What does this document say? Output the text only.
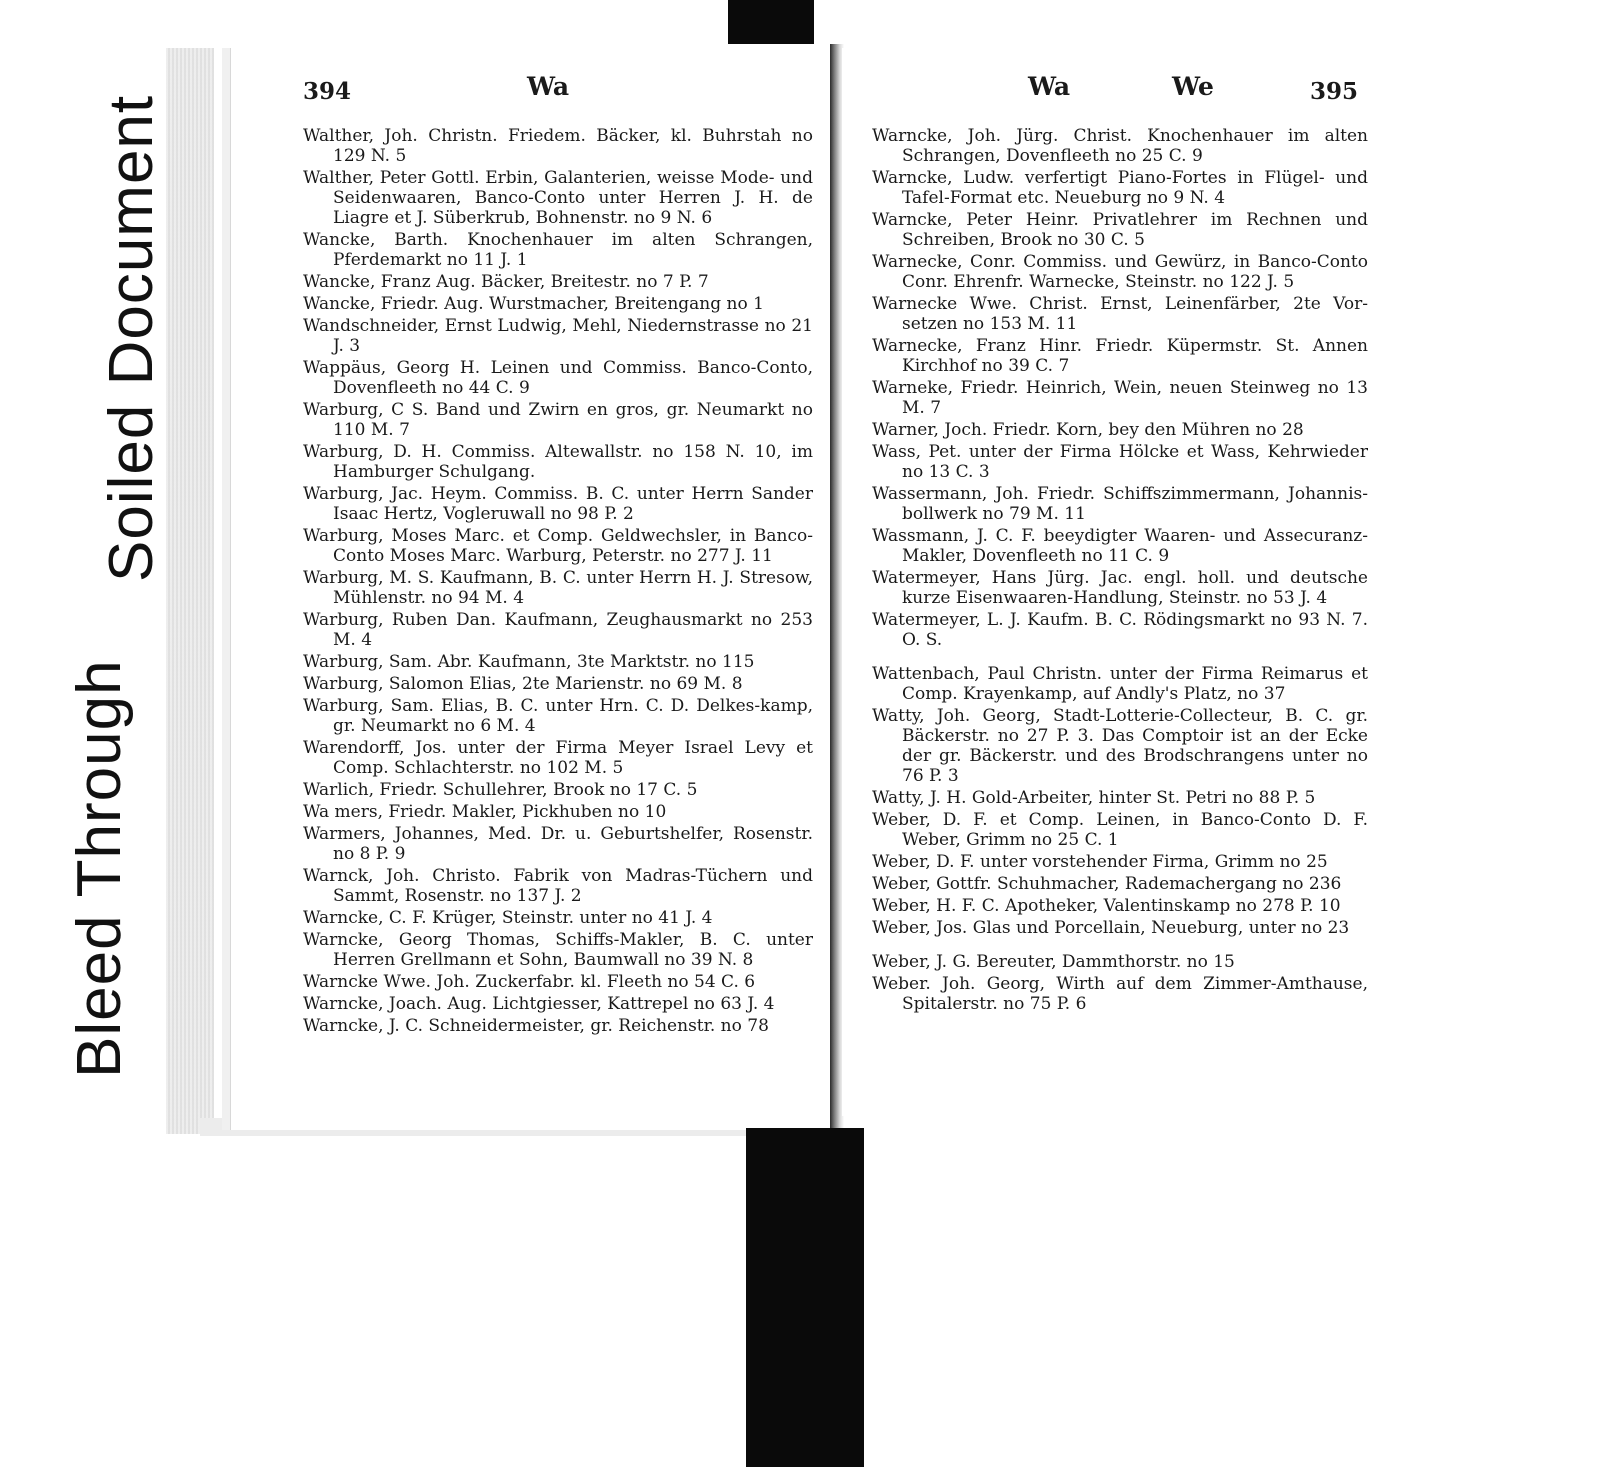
Bleed Through
Soiled Document
394	Wa
Walther, Joh. Christn. Friedem. Bäcker, kl. Buhrstah no 129 N. 5
Walther, Peter Gottl. Erbin, Galanterien, weisse Mode- und Seidenwaaren, Banco-Conto unter Herren J. H. de Liagre et J. Süberkrub, Bohnenstr. no 9 N. 6
Wancke, Barth. Knochenhauer im alten Schrangen, Pferdemarkt no 11 J. 1
Wancke, Franz Aug. Bäcker, Breitestr. no 7 P. 7
Wancke, Friedr. Aug. Wurstmacher, Breitengang no 1
Wandschneider, Ernst Ludwig, Mehl, Niedernstrasse no 21 J. 3
Wappäus, Georg H. Leinen und Commiss. Banco-Conto, Dovenfleeth no 44 C. 9
Warburg, C S. Band und Zwirn en gros, gr. Neumarkt no 110 M. 7
Warburg, D. H. Commiss. Altewallstr. no 158 N. 10, im Hamburger Schulgang.
Warburg, Jac. Heym. Commiss. B. C. unter Herrn Sander Isaac Hertz, Vogleruwall no 98 P. 2
Warburg, Moses Marc. et Comp. Geldwechsler, in Banco-Conto Moses Marc. Warburg, Peterstr. no 277 J. 11
Warburg, M. S. Kaufmann, B. C. unter Herrn H. J. Stresow, Mühlenstr. no 94 M. 4
Warburg, Ruben Dan. Kaufmann, Zeughausmarkt no 253 M. 4
Warburg, Sam. Abr. Kaufmann, 3te Marktstr. no 115
Warburg, Salomon Elias, 2te Marienstr. no 69 M. 8
Warburg, Sam. Elias, B. C. unter Hrn. C. D. Delkes-kamp, gr. Neumarkt no 6 M. 4
Warendorff, Jos. unter der Firma Meyer Israel Levy et Comp. Schlachterstr. no 102 M. 5
Warlich, Friedr. Schullehrer, Brook no 17 C. 5
Wa mers, Friedr. Makler, Pickhuben no 10
Warmers, Johannes, Med. Dr. u. Geburtshelfer, Rosenstr. no 8 P. 9
Warnck, Joh. Christo. Fabrik von Madras-Tüchern und Sammt, Rosenstr. no 137 J. 2
Warncke, C. F. Krüger, Steinstr. unter no 41 J. 4
Warncke, Georg Thomas, Schiffs-Makler, B. C. unter Herren Grellmann et Sohn, Baumwall no 39 N. 8
Warncke Wwe. Joh. Zuckerfabr. kl. Fleeth no 54 C. 6
Warncke, Joach. Aug. Lichtgiesser, Kattrepel no 63 J. 4
Warncke, J. C. Schneidermeister, gr. Reichenstr. no 78
Wa	We	395
Warncke, Joh. Jürg. Christ. Knochenhauer im alten Schrangen, Dovenfleeth no 25 C. 9
Warncke, Ludw. verfertigt Piano-Fortes in Flügel- und Tafel-Format etc. Neueburg no 9 N. 4
Warncke, Peter Heinr. Privatlehrer im Rechnen und Schreiben, Brook no 30 C. 5
Warnecke, Conr. Commiss. und Gewürz, in Banco-Conto Conr. Ehrenfr. Warnecke, Steinstr. no 122 J. 5
Warnecke Wwe. Christ. Ernst, Leinenfärber, 2te Vor-setzen no 153 M. 11
Warnecke, Franz Hinr. Friedr. Küpermstr. St. Annen Kirchhof no 39 C. 7
Warneke, Friedr. Heinrich, Wein, neuen Steinweg no 13 M. 7
Warner, Joch. Friedr. Korn, bey den Mühren no 28
Wass, Pet. unter der Firma Hölcke et Wass, Kehrwieder no 13 C. 3
Wassermann, Joh. Friedr. Schiffszimmermann, Johannis-bollwerk no 79 M. 11
Wassmann, J. C. F. beeydigter Waaren- und Assecuranz-Makler, Dovenfleeth no 11 C. 9
Watermeyer, Hans Jürg. Jac. engl. holl. und deutsche kurze Eisenwaaren-Handlung, Steinstr. no 53 J. 4
Watermeyer, L. J. Kaufm. B. C. Rödingsmarkt no 93 N. 7. O. S.
Wattenbach, Paul Christn. unter der Firma Reimarus et Comp. Krayenkamp, auf Andly's Platz, no 37
Watty, Joh. Georg, Stadt-Lotterie-Collecteur, B. C. gr. Bäckerstr. no 27 P. 3. Das Comptoir ist an der Ecke der gr. Bäckerstr. und des Brodschrangens unter no 76 P. 3
Watty, J. H. Gold-Arbeiter, hinter St. Petri no 88 P. 5
Weber, D. F. et Comp. Leinen, in Banco-Conto D. F. Weber, Grimm no 25 C. 1
Weber, D. F. unter vorstehender Firma, Grimm no 25
Weber, Gottfr. Schuhmacher, Rademachergang no 236
Weber, H. F. C. Apotheker, Valentinskamp no 278 P. 10
Weber, Jos. Glas und Porcellain, Neueburg, unter no 23
Weber, J. G. Bereuter, Dammthorstr. no 15
Weber. Joh. Georg, Wirth auf dem Zimmer-Amthause, Spitalerstr. no 75 P. 6
